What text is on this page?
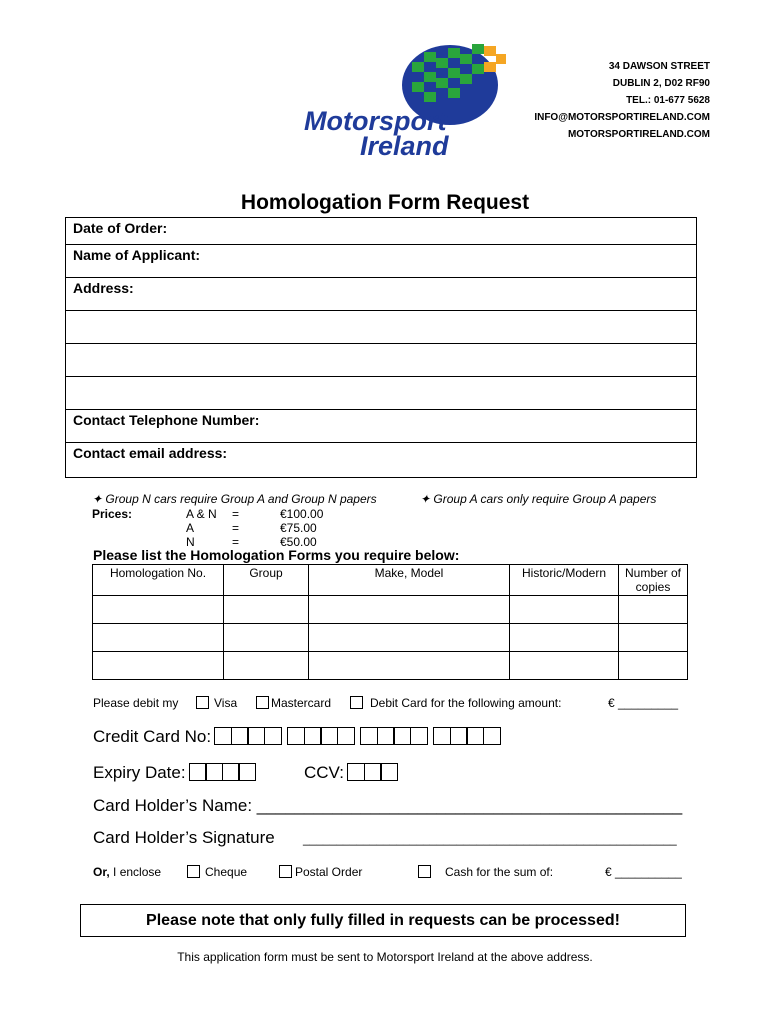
Motorsport
Ireland
34 DAWSON STREET
DUBLIN 2, D02 RF90
TEL.: 01-677 5628
INFO@MOTORSPORTIRELAND.COM
MOTORSPORTIRELAND.COM
Homologation Form Request
Date of Order:
Name of Applicant:
Address:

Contact Telephone Number:
Contact email address:
✦ Group N cars require Group A and Group N papers	✦ Group A cars only require Group A papers
Prices:	A & N =	€100.00
A	=	€75.00
N	=	€50.00
Please list the Homologation Forms you require below:
Homologation No.	Group	Make, Model	Historic/Modern	Number of copies

Please debit my	Visa	Mastercard	Debit Card for the following amount:	€ _________
Credit Card No:
Expiry Date:	CCV:
Card Holder’s Name: _____________________________________________
Card Holder’s Signature ________________________________________________________
Or, I enclose	Cheque	Postal Order	Cash for the sum of:	€ __________
Please note that only fully filled in requests can be processed!
This application form must be sent to Motorsport Ireland at the above address.
